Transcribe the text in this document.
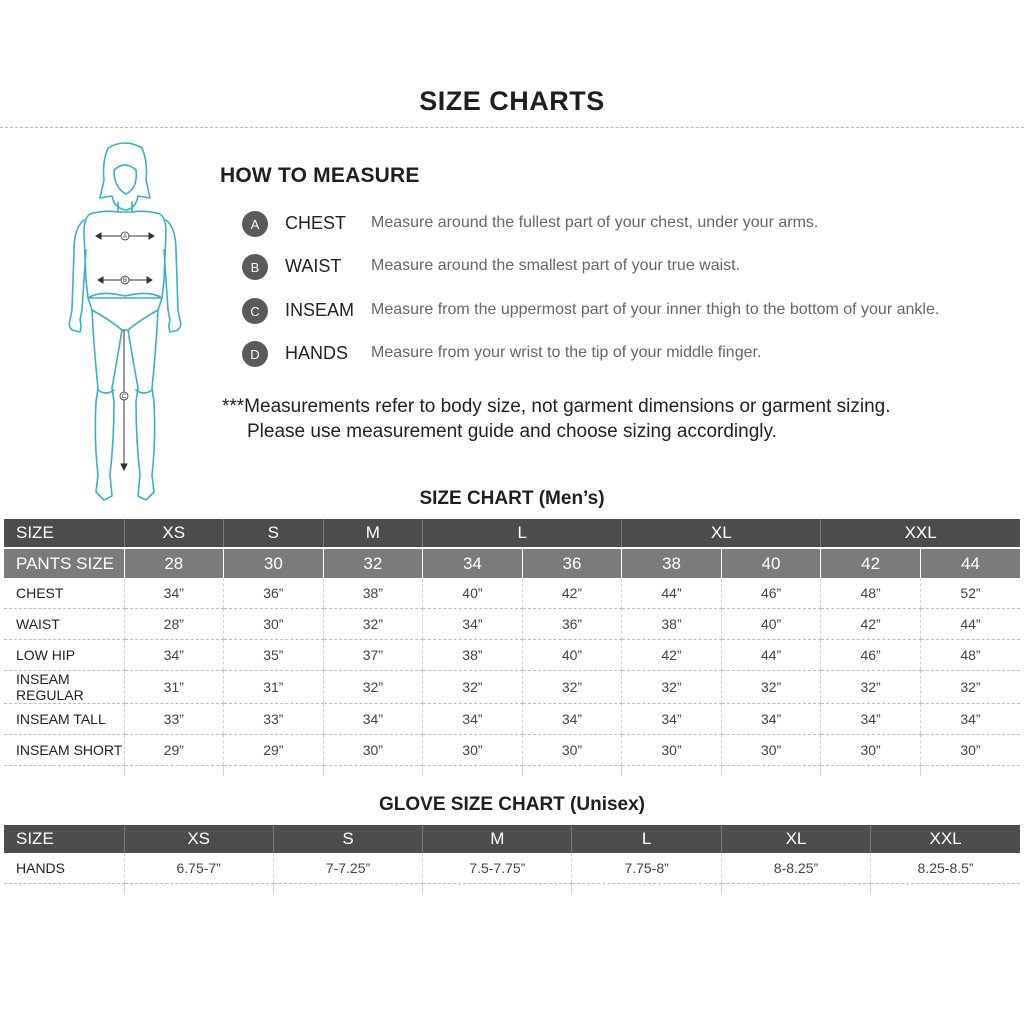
SIZE CHARTS
A
B
C
HOW TO MEASURE
A	CHEST Measure around the fullest part of your chest, under your arms.
B	WAIST Measure around the smallest part of your true waist.
C	INSEAM Measure from the uppermost part of your inner thigh to the bottom of your ankle.
D	HANDS Measure from your wrist to the tip of your middle finger.
***Measurements refer to body size, not garment dimensions or garment sizing.
Please use measurement guide and choose sizing accordingly.
SIZE CHART (Men’s)
SIZE	XS	S	M	L		XL		XXL	
PANTS SIZE	28	30	32	34	36	38	40	42	44
CHEST	34”	36”	38”	40”	42”	44”	46”	48”	52”
WAIST	28”	30”	32”	34”	36”	38”	40”	42”	44”
LOW HIP	34”	35”	37”	38”	40”	42”	44”	46”	48”
INSEAM REGULAR	31”	31”	32”	32”	32”	32”	32”	32”	32”
INSEAM TALL	33”	33”	34”	34”	34”	34”	34”	34”	34”
INSEAM SHORT	29”	29”	30”	30”	30”	30”	30”	30”	30”

GLOVE SIZE CHART (Unisex)
SIZE	XS	S	M	L	XL	XXL
HANDS	6.75-7”	7-7.25”	7.5-7.75”	7.75-8”	8-8.25”	8.25-8.5”
